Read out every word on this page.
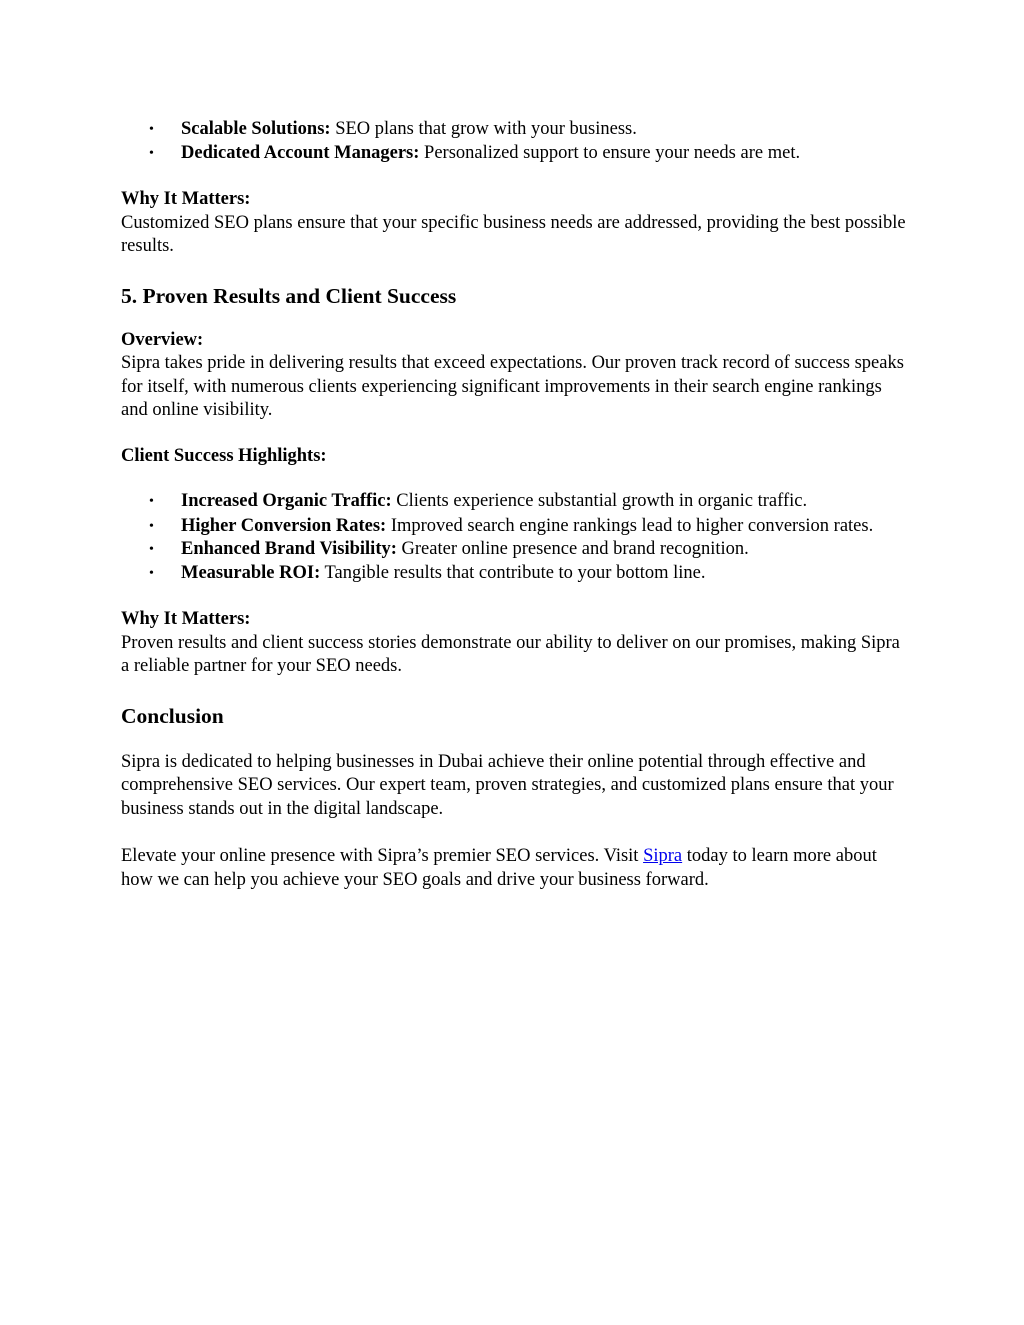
• Scalable Solutions: SEO plans that grow with your business.
• Dedicated Account Managers: Personalized support to ensure your needs are met.
Why It Matters:

Customized SEO plans ensure that your specific business needs are addressed, providing the best possible results.

5. Proven Results and Client Success
Overview:

Sipra takes pride in delivering results that exceed expectations. Our proven track record of success speaks for itself, with numerous clients experiencing significant improvements in their search engine rankings and online visibility.

Client Success Highlights:

• Increased Organic Traffic: Clients experience substantial growth in organic traffic.
• Higher Conversion Rates: Improved search engine rankings lead to higher conversion rates.
• Enhanced Brand Visibility: Greater online presence and brand recognition.
• Measurable ROI: Tangible results that contribute to your bottom line.
Why It Matters:

Proven results and client success stories demonstrate our ability to deliver on our promises, making Sipra a reliable partner for your SEO needs.

Conclusion

Sipra is dedicated to helping businesses in Dubai achieve their online potential through effective and comprehensive SEO services. Our expert team, proven strategies, and customized plans ensure that your business stands out in the digital landscape.

Elevate your online presence with Sipra’s premier SEO services. Visit Sipra today to learn more about how we can help you achieve your SEO goals and drive your business forward.
